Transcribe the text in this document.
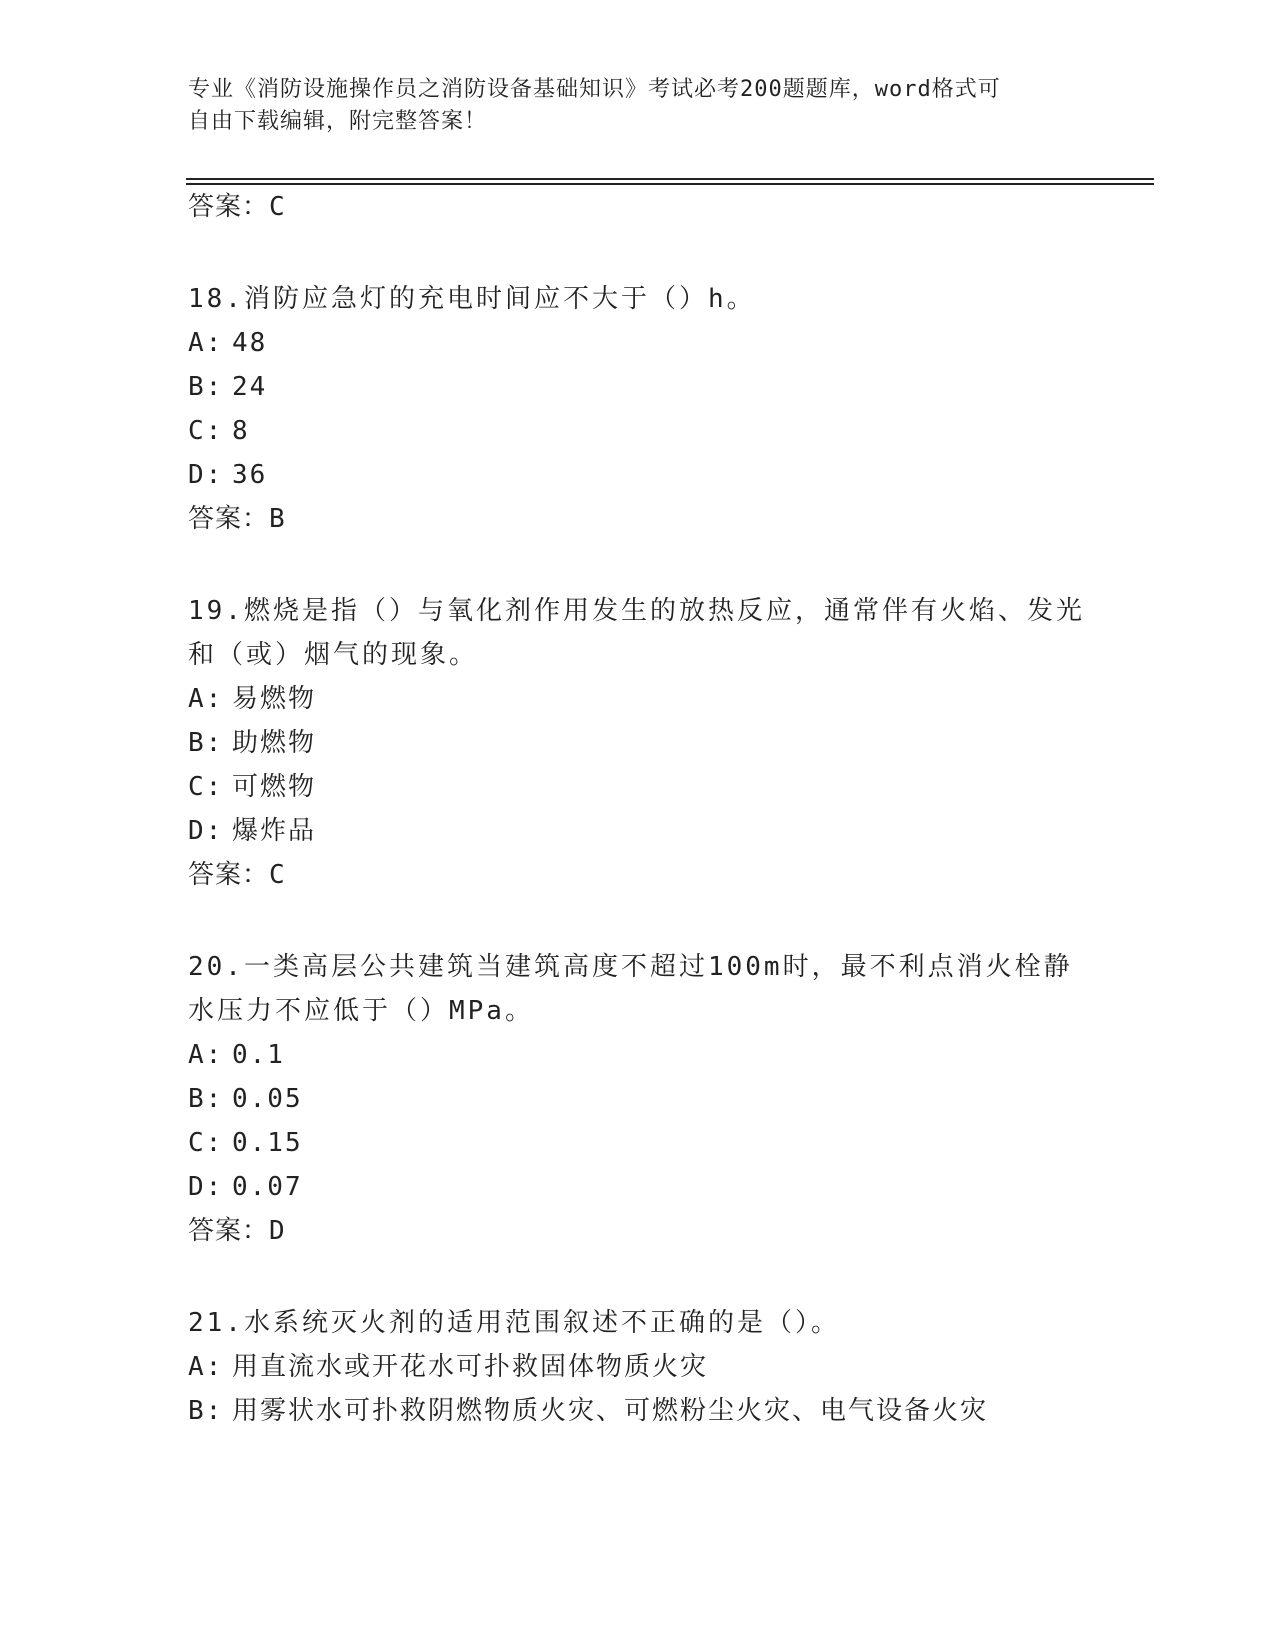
专业《消防设施操作员之消防设备基础知识》考试必考200题题库，word格式可
自由下载编辑，附完整答案！
答案：C
18.消防应急灯的充电时间应不大于（）h。
A: 48
B: 24
C: 8
D: 36
答案：B
19.燃烧是指（）与氧化剂作用发生的放热反应，通常伴有火焰、发光
和（或）烟气的现象。
A: 易燃物
B: 助燃物
C: 可燃物
D: 爆炸品
答案：C
20.一类高层公共建筑当建筑高度不超过100m时，最不利点消火栓静
水压力不应低于（）MPa。
A: 0.1
B: 0.05
C: 0.15
D: 0.07
答案：D
21.水系统灭火剂的适用范围叙述不正确的是（）。
A: 用直流水或开花水可扑救固体物质火灾
B: 用雾状水可扑救阴燃物质火灾、可燃粉尘火灾、电气设备火灾
